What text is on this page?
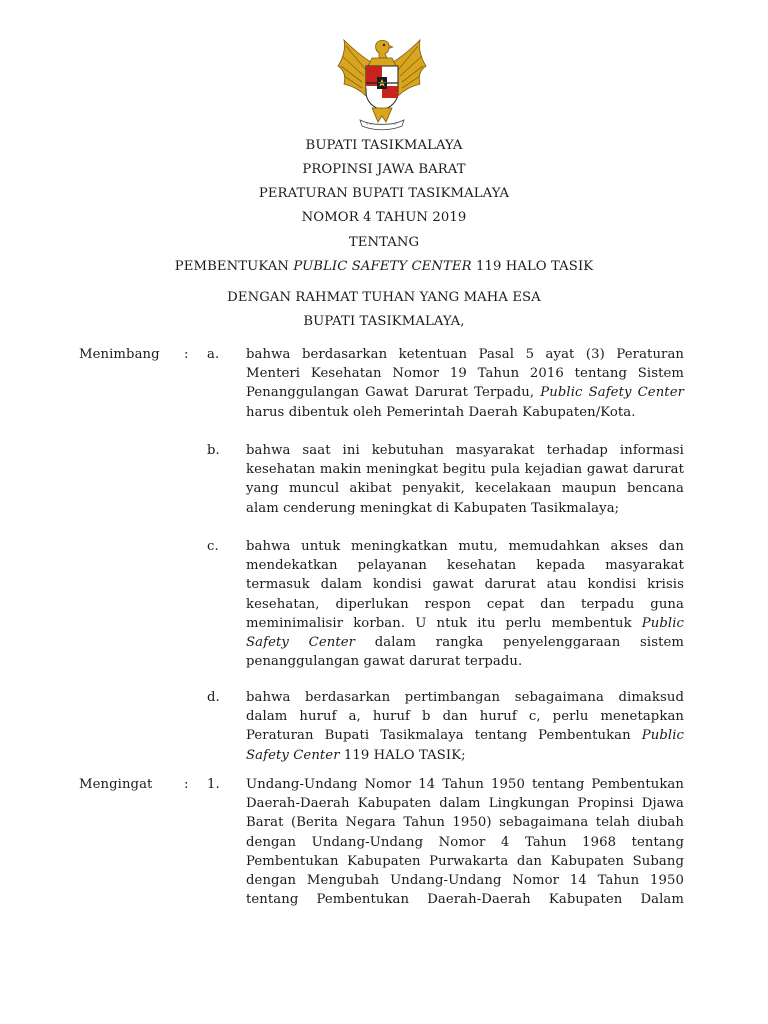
BUPATI TASIKMALAYA
PROPINSI JAWA BARAT
PERATURAN BUPATI TASIKMALAYA
NOMOR 4 TAHUN 2019
TENTANG
PEMBENTUKAN PUBLIC SAFETY CENTER 119 HALO TASIK
DENGAN RAHMAT TUHAN YANG MAHA ESA
BUPATI TASIKMALAYA,
Menimbang : a. bahwa berdasarkan ketentuan Pasal 5 ayat (3) Peraturan Menteri Kesehatan Nomor 19 Tahun 2016 tentang Sistem Penanggulangan Gawat Darurat Terpadu, Public Safety Center harus dibentuk oleh Pemerintah Daerah Kabupaten/Kota.
b. bahwa saat ini kebutuhan masyarakat terhadap informasi kesehatan makin meningkat begitu pula kejadian gawat darurat yang muncul akibat penyakit, kecelakaan maupun bencana alam cenderung meningkat di Kabupaten Tasikmalaya;
c. bahwa untuk meningkatkan mutu, memudahkan akses dan mendekatkan pelayanan kesehatan kepada masyarakat termasuk dalam kondisi gawat darurat atau kondisi krisis kesehatan, diperlukan respon cepat dan terpadu guna meminimalisir korban. U ntuk itu perlu membentuk Public Safety Center dalam rangka penyelenggaraan sistem penanggulangan gawat darurat terpadu.
d. bahwa berdasarkan pertimbangan sebagaimana dimaksud dalam huruf a, huruf b dan huruf c, perlu menetapkan Peraturan Bupati Tasikmalaya tentang Pembentukan Public Safety Center 119 HALO TASIK;
Mengingat : 1. Undang-Undang Nomor 14 Tahun 1950 tentang Pembentukan Daerah-Daerah Kabupaten dalam Lingkungan Propinsi Djawa Barat (Berita Negara Tahun 1950) sebagaimana telah diubah dengan Undang-Undang Nomor 4 Tahun 1968 tentang Pembentukan Kabupaten Purwakarta dan Kabupaten Subang dengan Mengubah Undang-Undang Nomor 14 Tahun 1950 tentang Pembentukan Daerah-Daerah Kabupaten Dalam
